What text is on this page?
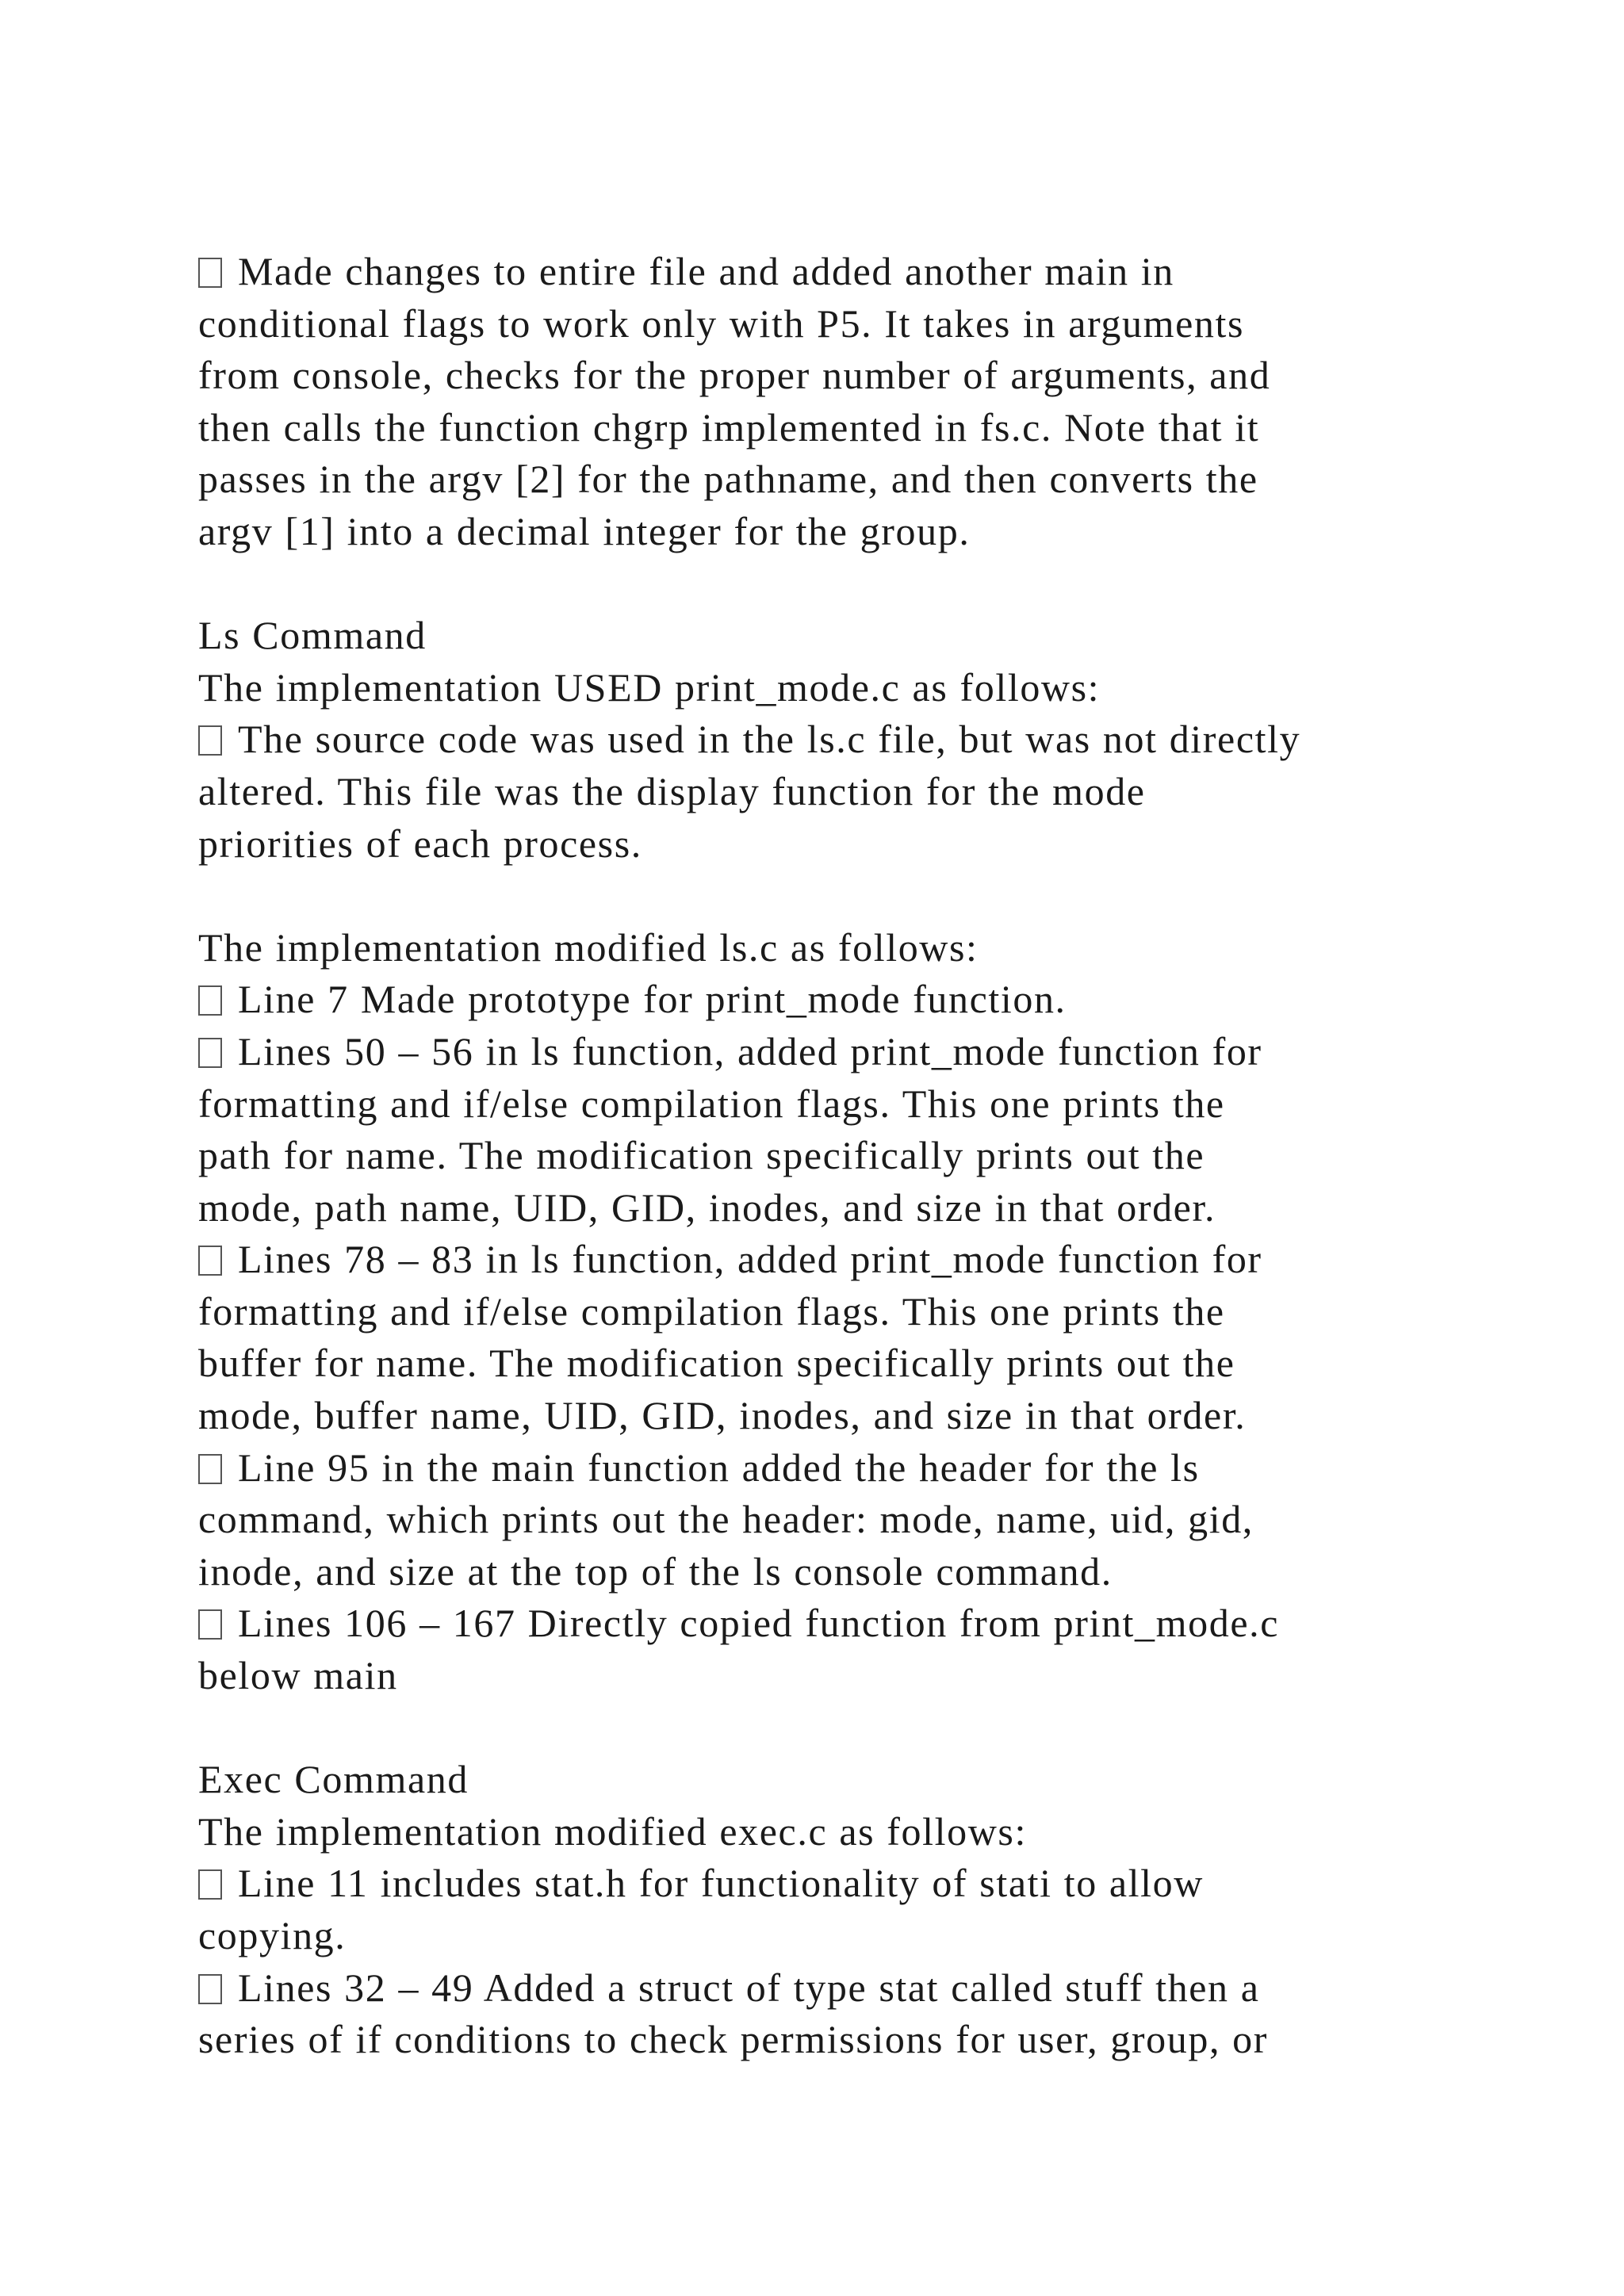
Made changes to entire file and added another main in
conditional flags to work only with P5. It takes in arguments
from console, checks for the proper number of arguments, and
then calls the function chgrp implemented in fs.c. Note that it
passes in the argv [2] for the pathname, and then converts the
argv [1] into a decimal integer for the group.
Ls Command
The implementation USED print_mode.c as follows:
The source code was used in the ls.c file, but was not directly
altered. This file was the display function for the mode
priorities of each process.
The implementation modified ls.c as follows:
Line 7 Made prototype for print_mode function.
Lines 50 – 56 in ls function, added print_mode function for
formatting and if/else compilation flags. This one prints the
path for name. The modification specifically prints out the
mode, path name, UID, GID, inodes, and size in that order.
Lines 78 – 83 in ls function, added print_mode function for
formatting and if/else compilation flags. This one prints the
buffer for name. The modification specifically prints out the
mode, buffer name, UID, GID, inodes, and size in that order.
Line 95 in the main function added the header for the ls
command, which prints out the header: mode, name, uid, gid,
inode, and size at the top of the ls console command.
Lines 106 – 167 Directly copied function from print_mode.c
below main
Exec Command
The implementation modified exec.c as follows:
Line 11 includes stat.h for functionality of stati to allow
copying.
Lines 32 – 49 Added a struct of type stat called stuff then a
series of if conditions to check permissions for user, group, or
